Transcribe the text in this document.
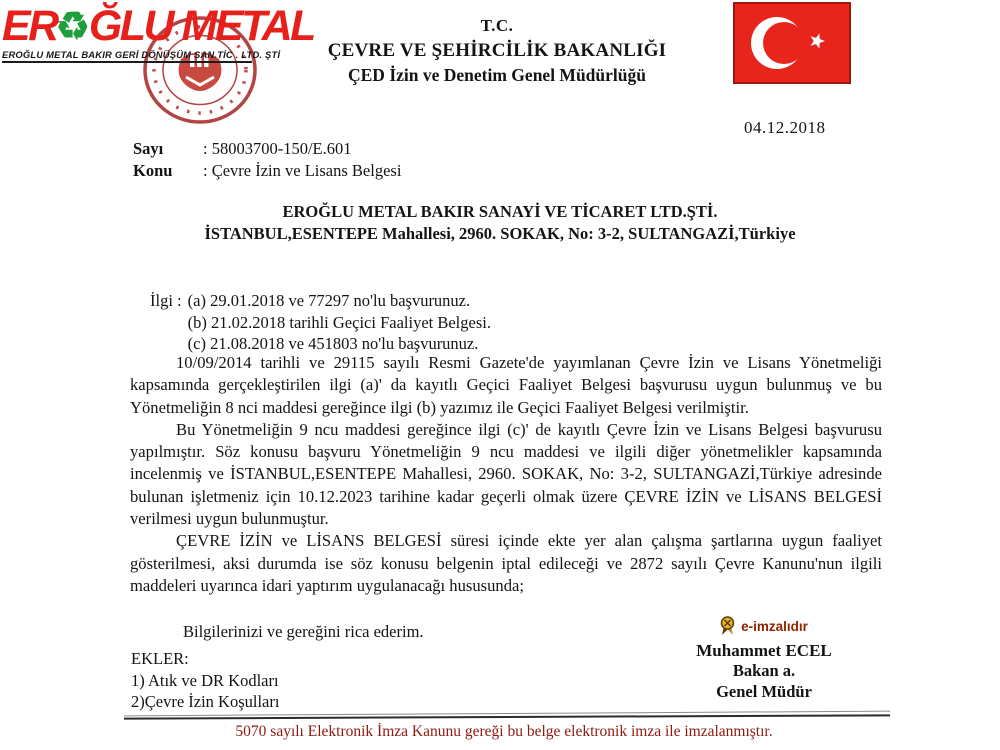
ER♻ĞLU METAL
EROĞLU METAL BAKIR GERİ DÖNÜŞÜM SAN.TİC . LTD. ŞTİ
T.C.
ÇEVRE VE ŞEHİRCİLİK BAKANLIĞI
ÇED İzin ve Denetim Genel Müdürlüğü
04.12.2018
Sayı	: 58003700-150/E.601
Konu	: Çevre İzin ve Lisans Belgesi
EROĞLU METAL BAKIR SANAYİ VE TİCARET LTD.ŞTİ.
İSTANBUL,ESENTEPE Mahallesi, 2960. SOKAK, No: 3-2, SULTANGAZİ,Türkiye
İlgi : (a) 29.01.2018 ve 77297 no'lu başvurunuz.
(b) 21.02.2018 tarihli Geçici Faaliyet Belgesi.
(c) 21.08.2018 ve 451803 no'lu başvurunuz.

10/09/2014 tarihli ve 29115 sayılı Resmi Gazete'de yayımlanan Çevre İzin ve Lisans Yönetmeliği kapsamında gerçekleştirilen ilgi (a)' da kayıtlı Geçici Faaliyet Belgesi başvurusu uygun bulunmuş ve bu Yönetmeliğin 8 nci maddesi gereğince ilgi (b) yazımız ile Geçici Faaliyet Belgesi verilmiştir.

Bu Yönetmeliğin 9 ncu maddesi gereğince ilgi (c)' de kayıtlı Çevre İzin ve Lisans Belgesi başvurusu yapılmıştır. Söz konusu başvuru Yönetmeliğin 9 ncu maddesi ve ilgili diğer yönetmelikler kapsamında incelenmiş ve İSTANBUL,ESENTEPE Mahallesi, 2960. SOKAK, No: 3-2, SULTANGAZİ,Türkiye adresinde bulunan işletmeniz için 10.12.2023 tarihine kadar geçerli olmak üzere ÇEVRE İZİN ve LİSANS BELGESİ verilmesi uygun bulunmuştur.

ÇEVRE İZİN ve LİSANS BELGESİ süresi içinde ekte yer alan çalışma şartlarına uygun faaliyet gösterilmesi, aksi durumda ise söz konusu belgenin iptal edileceği ve 2872 sayılı Çevre Kanunu'nun ilgili maddeleri uyarınca idari yaptırım uygulanacağı hususunda;

Bilgilerinizi ve gereğini rica ederim.	e-imzalıdır
Muhammet ECEL
Bakan a.
Genel Müdür
EKLER:
1) Atık ve DR Kodları
2)Çevre İzin Koşulları
5070 sayılı Elektronik İmza Kanunu gereği bu belge elektronik imza ile imzalanmıştır.
